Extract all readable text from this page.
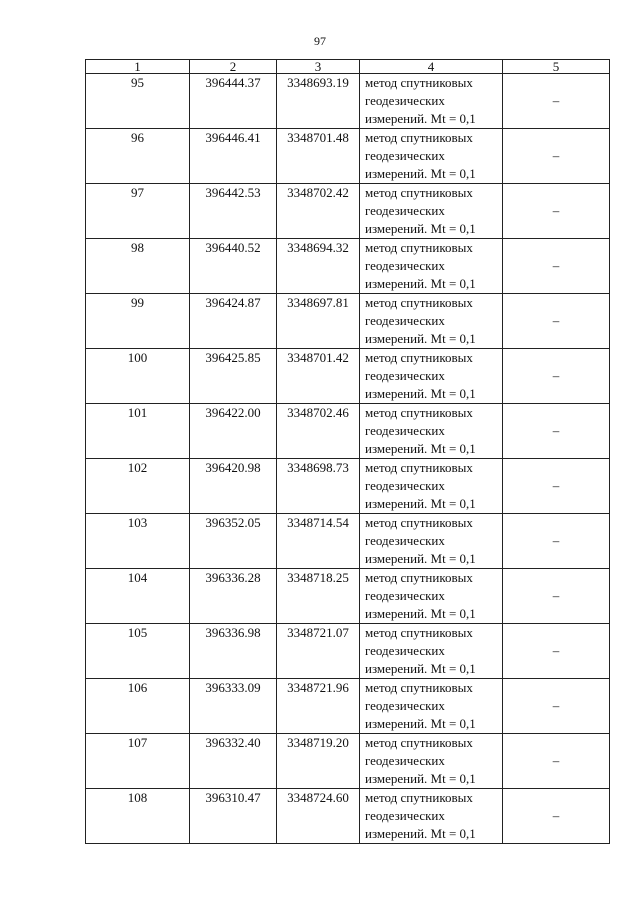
97
1	2	3	4	5
95	396444.37	3348693.19	метод спутниковых
геодезических
измерений. Mt = 0,1	–
96	396446.41	3348701.48	метод спутниковых
геодезических
измерений. Mt = 0,1	–
97	396442.53	3348702.42	метод спутниковых
геодезических
измерений. Mt = 0,1	–
98	396440.52	3348694.32	метод спутниковых
геодезических
измерений. Mt = 0,1	–
99	396424.87	3348697.81	метод спутниковых
геодезических
измерений. Mt = 0,1	–
100	396425.85	3348701.42	метод спутниковых
геодезических
измерений. Mt = 0,1	–
101	396422.00	3348702.46	метод спутниковых
геодезических
измерений. Mt = 0,1	–
102	396420.98	3348698.73	метод спутниковых
геодезических
измерений. Mt = 0,1	–
103	396352.05	3348714.54	метод спутниковых
геодезических
измерений. Mt = 0,1	–
104	396336.28	3348718.25	метод спутниковых
геодезических
измерений. Mt = 0,1	–
105	396336.98	3348721.07	метод спутниковых
геодезических
измерений. Mt = 0,1	–
106	396333.09	3348721.96	метод спутниковых
геодезических
измерений. Mt = 0,1	–
107	396332.40	3348719.20	метод спутниковых
геодезических
измерений. Mt = 0,1	–
108	396310.47	3348724.60	метод спутниковых
геодезических
измерений. Mt = 0,1	–
